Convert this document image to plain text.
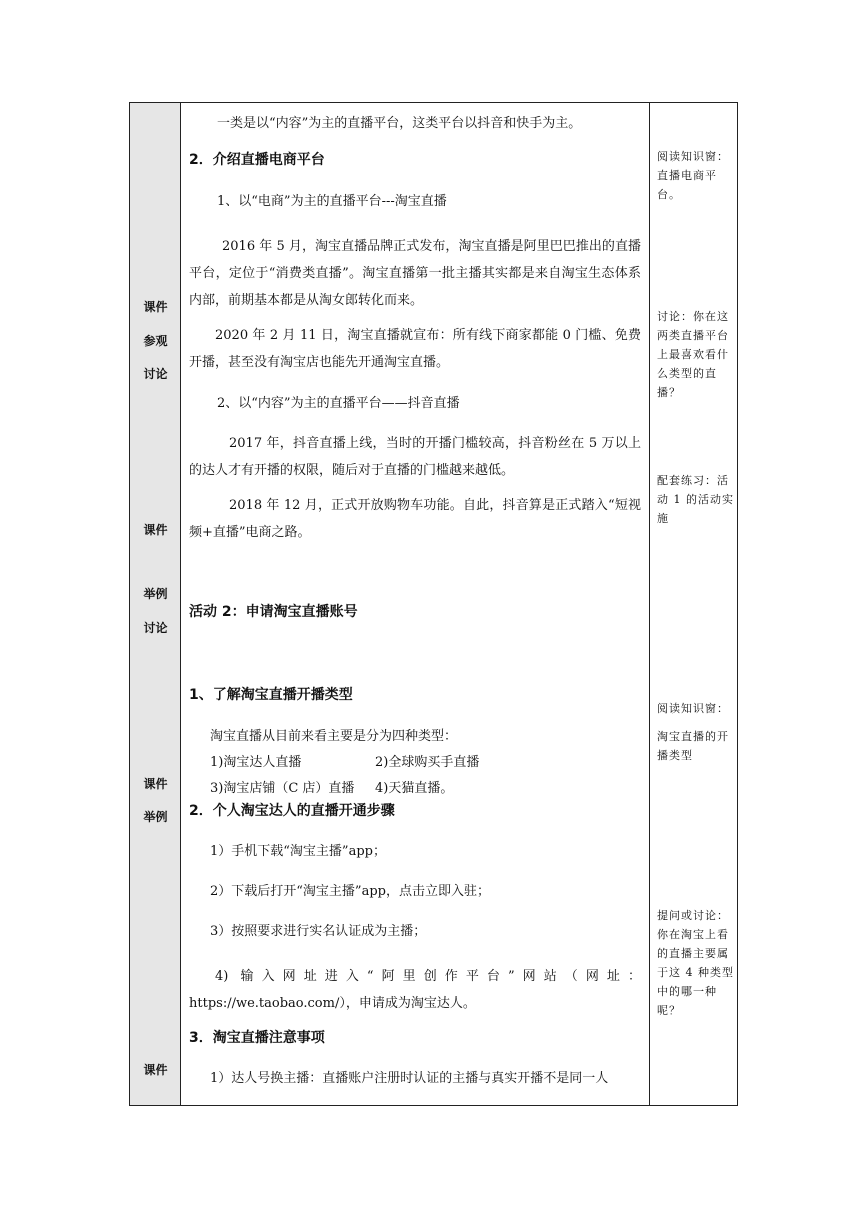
课件
参观
讨论
课件
举例
讨论
课件
举例
课件
一类是以“内容”为主的直播平台，这类平台以抖音和快手为主。
2．介绍直播电商平台
1、以“电商”为主的直播平台---淘宝直播
2016 年 5 月，淘宝直播品牌正式发布，淘宝直播是阿里巴巴推出的直播平台，定位于“消费类直播”。淘宝直播第一批主播其实都是来自淘宝生态体系内部，前期基本都是从淘女郎转化而来。
2020 年 2 月 11 日，淘宝直播就宣布：所有线下商家都能 0 门槛、免费开播，甚至没有淘宝店也能先开通淘宝直播。
2、以“内容”为主的直播平台——抖音直播
2017 年，抖音直播上线，当时的开播门槛较高，抖音粉丝在 5 万以上的达人才有开播的权限，随后对于直播的门槛越来越低。
2018 年 12 月，正式开放购物车功能。自此，抖音算是正式踏入“短视频+直播”电商之路。
活动 2：申请淘宝直播账号
1、了解淘宝直播开播类型
淘宝直播从目前来看主要是分为四种类型：
1)淘宝达人直播	2)全球购买手直播
3)淘宝店铺（C 店）直播 4)天猫直播。
2．个人淘宝达人的直播开通步骤
1）手机下载“淘宝主播”app；
2）下载后打开“淘宝主播”app，点击立即入驻；
3）按照要求进行实名认证成为主播；
4) 输入网址进入“阿里创作平台”网站（网址：https://we.taobao.com/），申请成为淘宝达人。
3．淘宝直播注意事项
1）达人号换主播：直播账户注册时认证的主播与真实开播不是同一人
阅读知识窗：直播电商平台。
讨论：你在这两类直播平台上最喜欢看什么类型的直播？
配套练习：活动 1 的活动实施
阅读知识窗：
淘宝直播的开播类型
提问或讨论：你在淘宝上看的直播主要属于这 4 种类型中的哪一种呢？
